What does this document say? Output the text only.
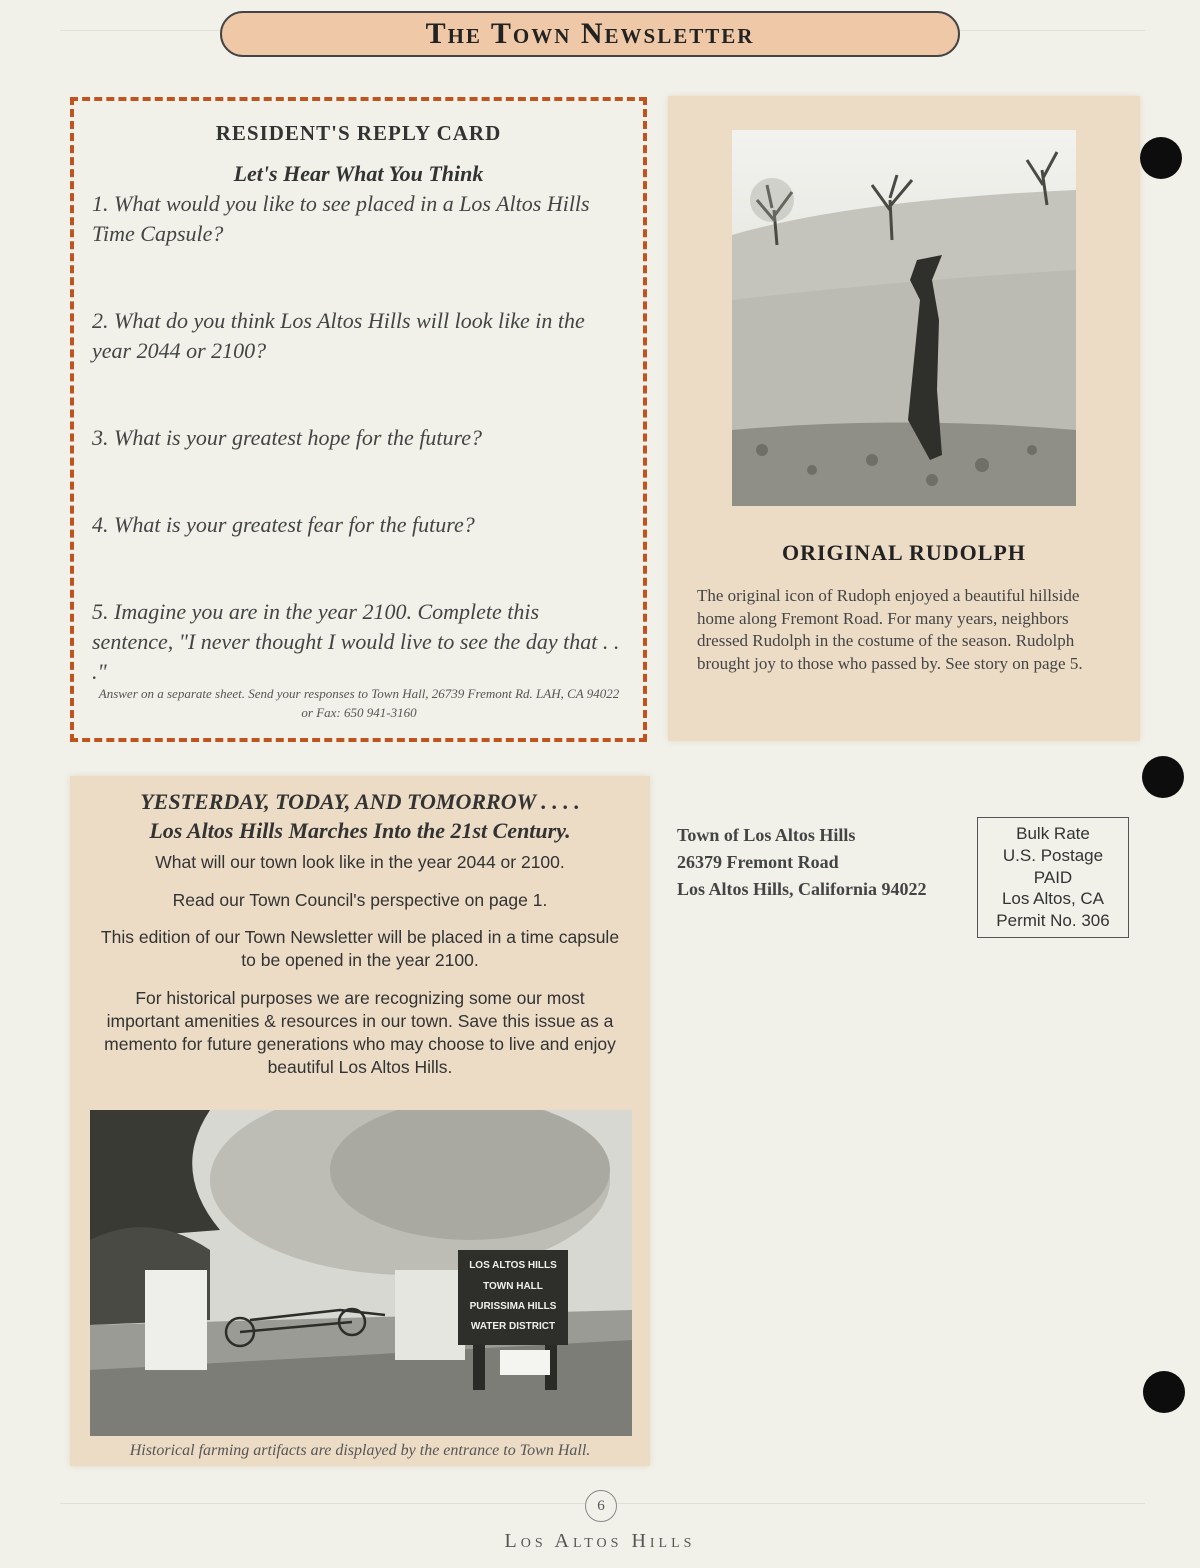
The Town Newsletter
RESIDENT'S REPLY CARD
Let's Hear What You Think
1. What would you like to see placed in a Los Altos Hills Time Capsule?
2. What do you think Los Altos Hills will look like in the year 2044 or 2100?
3. What is your greatest hope for the future?
4. What is your greatest fear for the future?
5. Imagine you are in the year 2100. Complete this sentence, "I never thought I would live to see the day that . . ."
Answer on a separate sheet. Send your responses to Town Hall, 26739 Fremont Rd. LAH, CA 94022 or Fax: 650 941-3160
ORIGINAL RUDOLPH
The original icon of Rudoph enjoyed a beautiful hillside home along Fremont Road. For many years, neighbors dressed Rudolph in the costume of the season. Rudolph brought joy to those who passed by. See story on page 5.
YESTERDAY, TODAY, AND TOMORROW . . . .
Los Altos Hills Marches Into the 21st Century.
What will our town look like in the year 2044 or 2100.
Read our Town Council's perspective on page 1.
This edition of our Town Newsletter will be placed in a time capsule to be opened in the year 2100.
For historical purposes we are recognizing some our most important amenities & resources in our town. Save this issue as a memento for future generations who may choose to live and enjoy beautiful Los Altos Hills.
LOS ALTOS HILLS
TOWN HALL
PURISSIMA HILLS
WATER DISTRICT
Historical farming artifacts are displayed by the entrance to Town Hall.
Town of Los Altos Hills
26379 Fremont Road
Los Altos Hills, California 94022
Bulk Rate
U.S. Postage
PAID
Los Altos, CA
Permit No. 306
6
Los Altos Hills
